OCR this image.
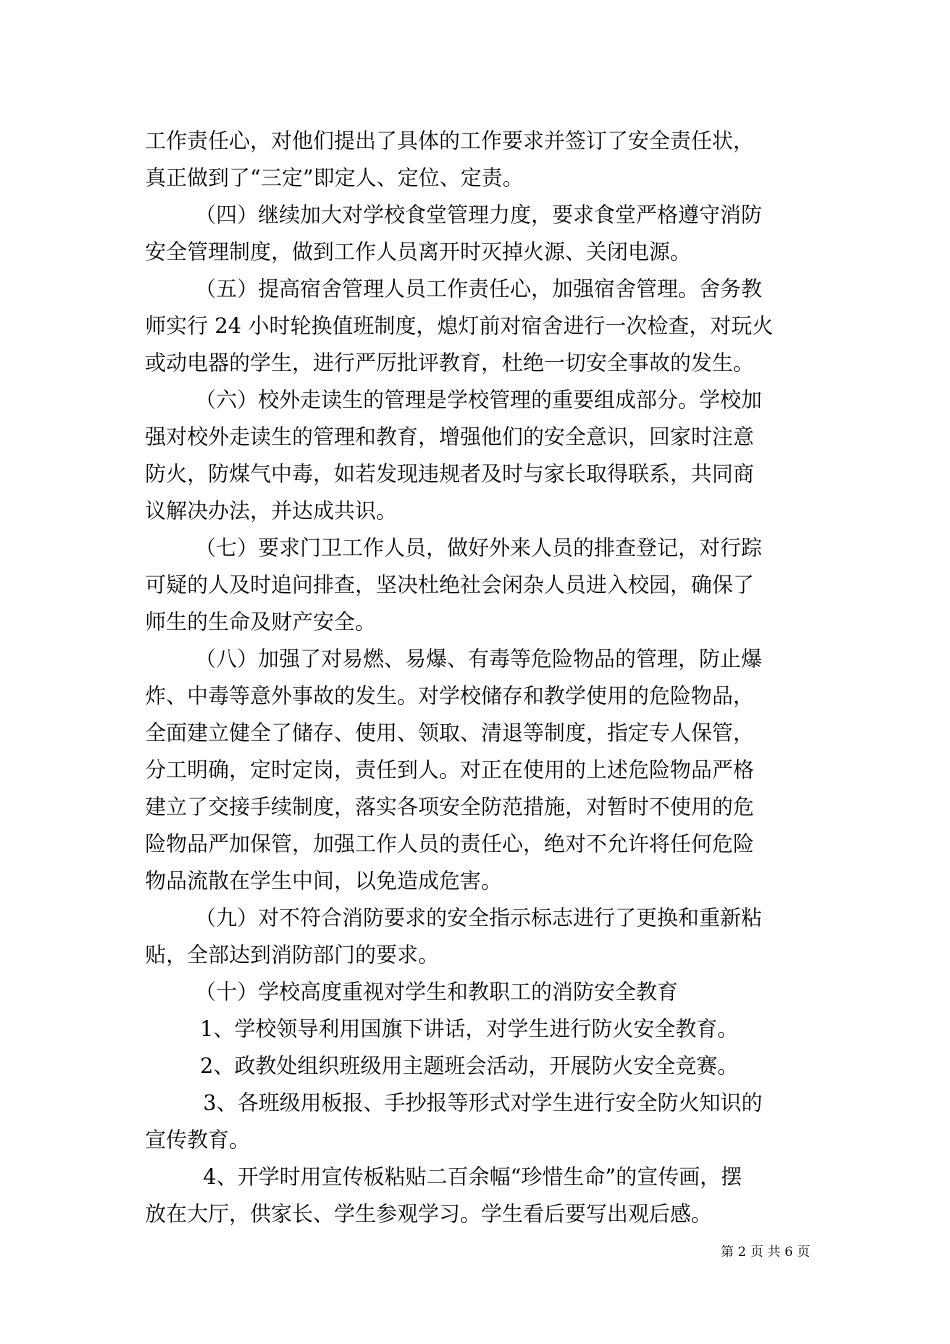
工作责任心，对他们提出了具体的工作要求并签订了安全责任状，
真正做到了“三定”即定人、定位、定责。
（四）继续加大对学校食堂管理力度，要求食堂严格遵守消防
安全管理制度，做到工作人员离开时灭掉火源、关闭电源。
（五）提高宿舍管理人员工作责任心，加强宿舍管理。舍务教
师实行 24 小时轮换值班制度，熄灯前对宿舍进行一次检查，对玩火
或动电器的学生，进行严厉批评教育，杜绝一切安全事故的发生。
（六）校外走读生的管理是学校管理的重要组成部分。学校加
强对校外走读生的管理和教育，增强他们的安全意识，回家时注意
防火，防煤气中毒，如若发现违规者及时与家长取得联系，共同商
议解决办法，并达成共识。
（七）要求门卫工作人员，做好外来人员的排查登记，对行踪
可疑的人及时追问排查，坚决杜绝社会闲杂人员进入校园，确保了
师生的生命及财产安全。
（八）加强了对易燃、易爆、有毒等危险物品的管理，防止爆
炸、中毒等意外事故的发生。对学校储存和教学使用的危险物品，
全面建立健全了储存、使用、领取、清退等制度，指定专人保管，
分工明确，定时定岗，责任到人。对正在使用的上述危险物品严格
建立了交接手续制度，落实各项安全防范措施，对暂时不使用的危
险物品严加保管，加强工作人员的责任心，绝对不允许将任何危险
物品流散在学生中间，以免造成危害。
（九）对不符合消防要求的安全指示标志进行了更换和重新粘
贴，全部达到消防部门的要求。
（十）学校高度重视对学生和教职工的消防安全教育
1、学校领导利用国旗下讲话，对学生进行防火安全教育。
2、政教处组织班级用主题班会活动，开展防火安全竞赛。
3、各班级用板报、手抄报等形式对学生进行安全防火知识的
宣传教育。
4、开学时用宣传板粘贴二百余幅“珍惜生命”的宣传画，摆
放在大厅，供家长、学生参观学习。学生看后要写出观后感。
第 2 页 共 6 页
